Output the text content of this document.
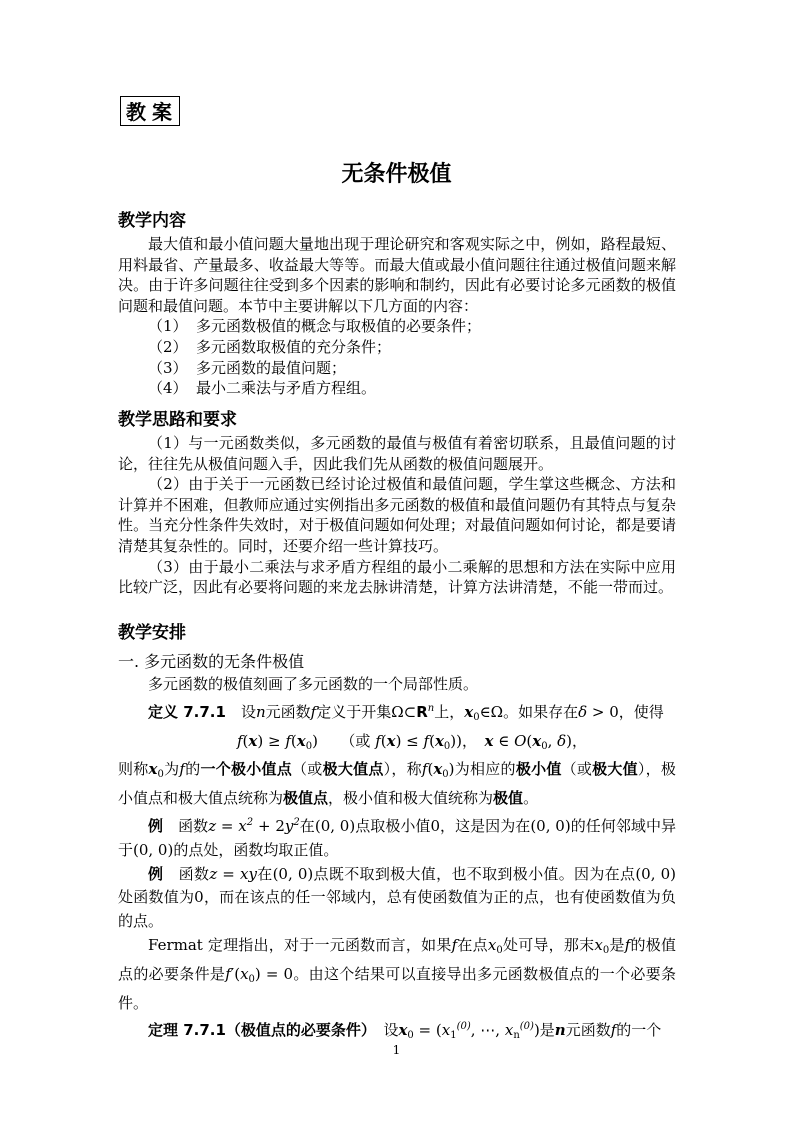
教案
无条件极值
教学内容

最大值和最小值问题大量地出现于理论研究和客观实际之中，例如，路程最短、用料最省、产量最多、收益最大等等。而最大值或最小值问题往往通过极值问题来解决。由于许多问题往往受到多个因素的影响和制约，因此有必要讨论多元函数的极值问题和最值问题。本节中主要讲解以下几方面的内容：

（1） 多元函数极值的概念与取极值的必要条件；

（2） 多元函数取极值的充分条件；

（3） 多元函数的最值问题；

（4） 最小二乘法与矛盾方程组。

教学思路和要求

（1）与一元函数类似，多元函数的最值与极值有着密切联系，且最值问题的讨论，往往先从极值问题入手，因此我们先从函数的极值问题展开。

（2）由于关于一元函数已经讨论过极值和最值问题，学生掌这些概念、方法和计算并不困难，但教师应通过实例指出多元函数的极值和最值问题仍有其特点与复杂性。当充分性条件失效时，对于极值问题如何处理；对最值问题如何讨论，都是要请清楚其复杂性的。同时，还要介绍一些计算技巧。

（3）由于最小二乘法与求矛盾方程组的最小二乘解的思想和方法在实际中应用比较广泛，因此有必要将问题的来龙去脉讲清楚，计算方法讲清楚，不能一带而过。

教学安排
一. 多元函数的无条件极值

多元函数的极值刻画了多元函数的一个局部性质。

定义 7.7.1　设n元函数f定义于开集$\Omega\subset R^n$上，$x_0\in\Omega$。如果存在δ > 0，使得

$f(x) \ge f(x_0)$　　（或 $f(x) \le f(x_0)$)，　x ∈ $O(x_0$, δ)，

则称$x_0$为f的一个极小值点（或极大值点），称$f(x_0)$为相应的极小值（或极大值），极小值点和极大值点统称为极值点，极小值和极大值统称为极值。

例　函数$z = x^2 + 2y^2$在(0, 0)点取极小值0，这是因为在(0, 0)的任何邻域中异于(0, 0)的点处，函数均取正值。

例　函数z = xy在(0, 0)点既不取到极大值，也不取到极小值。因为在点(0, 0)处函数值为0，而在该点的任一邻域内，总有使函数值为正的点，也有使函数值为负的点。

Fermat 定理指出，对于一元函数而言，如果f在点$x_0$处可导，那末$x_0$是f的极值点的必要条件是$f'(x_0) = 0$。由这个结果可以直接导出多元函数极值点的一个必要条件。

定理 7.7.1（极值点的必要条件）　设$x_0 = (x_1^{(0)}$, ⋯, $x_n^{(0)}$)是n元函数f的一个

1
